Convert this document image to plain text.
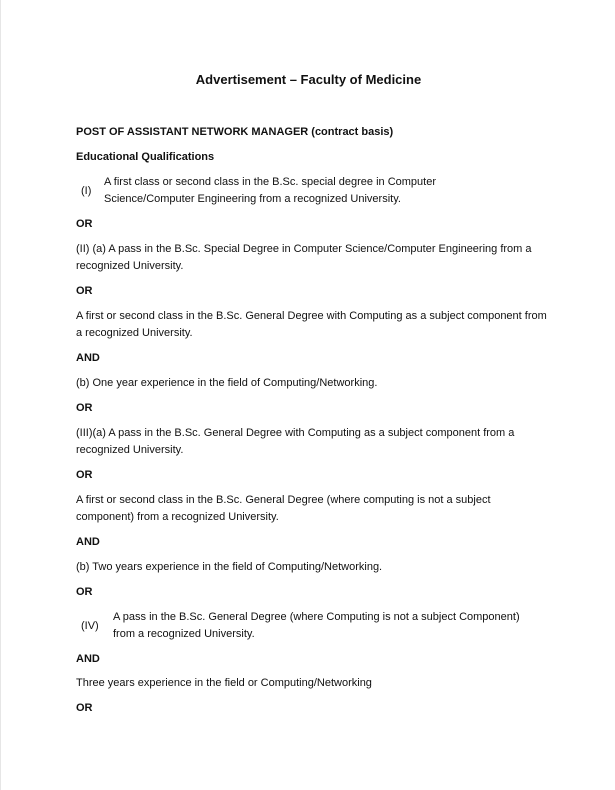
Advertisement – Faculty of Medicine
POST OF ASSISTANT NETWORK MANAGER (contract basis)
Educational Qualifications
(I)
A first class or second class in the B.Sc. special degree in Computer
Science/Computer Engineering from a recognized University.
OR
(II) (a) A pass in the B.Sc. Special Degree in Computer Science/Computer Engineering from a recognized University.
OR
A first or second class in the B.Sc. General Degree with Computing as a subject component from a recognized University.
AND
(b) One year experience in the field of Computing/Networking.
OR
(III)(a) A pass in the B.Sc. General Degree with Computing as a subject component from a recognized University.
OR
A first or second class in the B.Sc. General Degree (where computing is not a subject component) from a recognized University.
AND
(b) Two years experience in the field of Computing/Networking.
OR
(IV)
A pass in the B.Sc. General Degree (where Computing is not a subject Component)
from a recognized University.
AND
Three years experience in the field or Computing/Networking
OR
